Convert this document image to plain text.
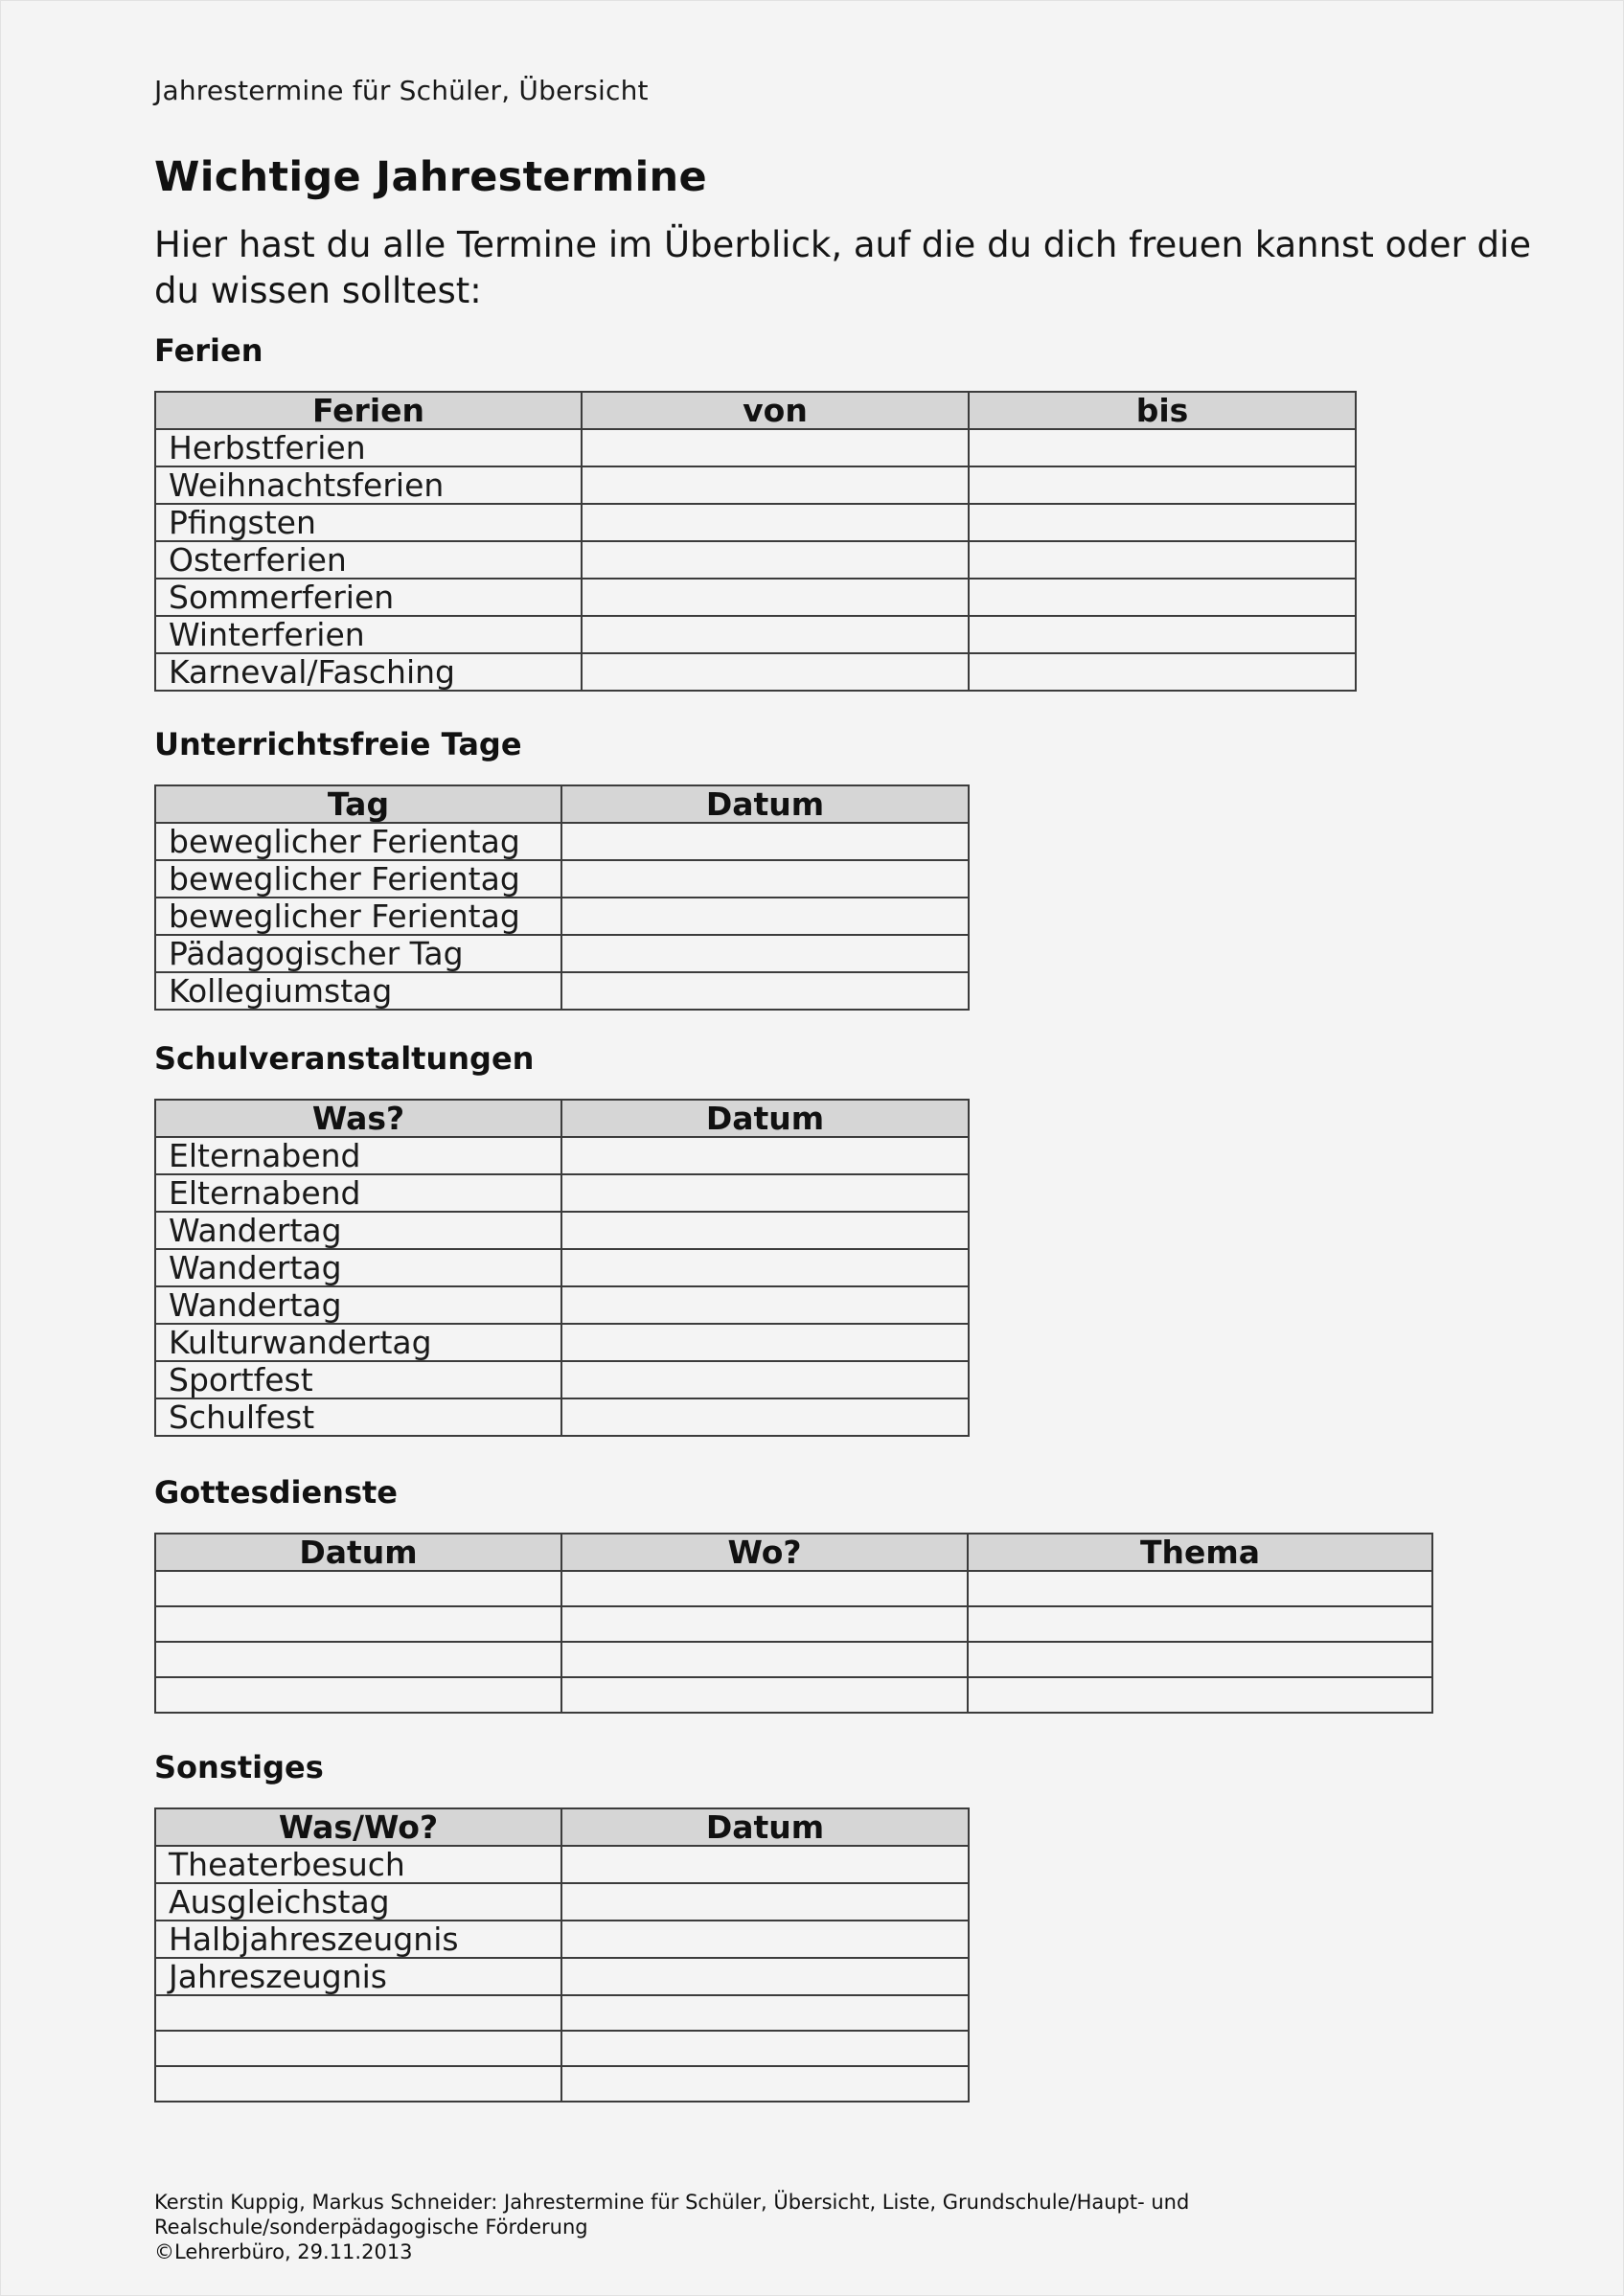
Jahrestermine für Schüler, Übersicht
Wichtige Jahrestermine

Hier hast du alle Termine im Überblick, auf die du dich freuen kannst oder die du wissen solltest:

Ferien
Ferien	von	bis
Herbstferien		
Weihnachtsferien		
Pfingsten		
Osterferien		
Sommerferien		
Winterferien		
Karneval/Fasching		
Unterrichtsfreie Tage
Tag	Datum
beweglicher Ferientag	
beweglicher Ferientag	
beweglicher Ferientag	
Pädagogischer Tag	
Kollegiumstag	
Schulveranstaltungen
Was?	Datum
Elternabend	
Elternabend	
Wandertag	
Wandertag	
Wandertag	
Kulturwandertag	
Sportfest	
Schulfest	
Gottesdienste
Datum	Wo?	Thema

Sonstiges
Was/Wo?	Datum
Theaterbesuch	
Ausgleichstag	
Halbjahreszeugnis	
Jahreszeugnis	

Kerstin Kuppig, Markus Schneider: Jahrestermine für Schüler, Übersicht, Liste, Grundschule/Haupt- und
Realschule/sonderpädagogische Förderung
©Lehrerbüro, 29.11.2013
